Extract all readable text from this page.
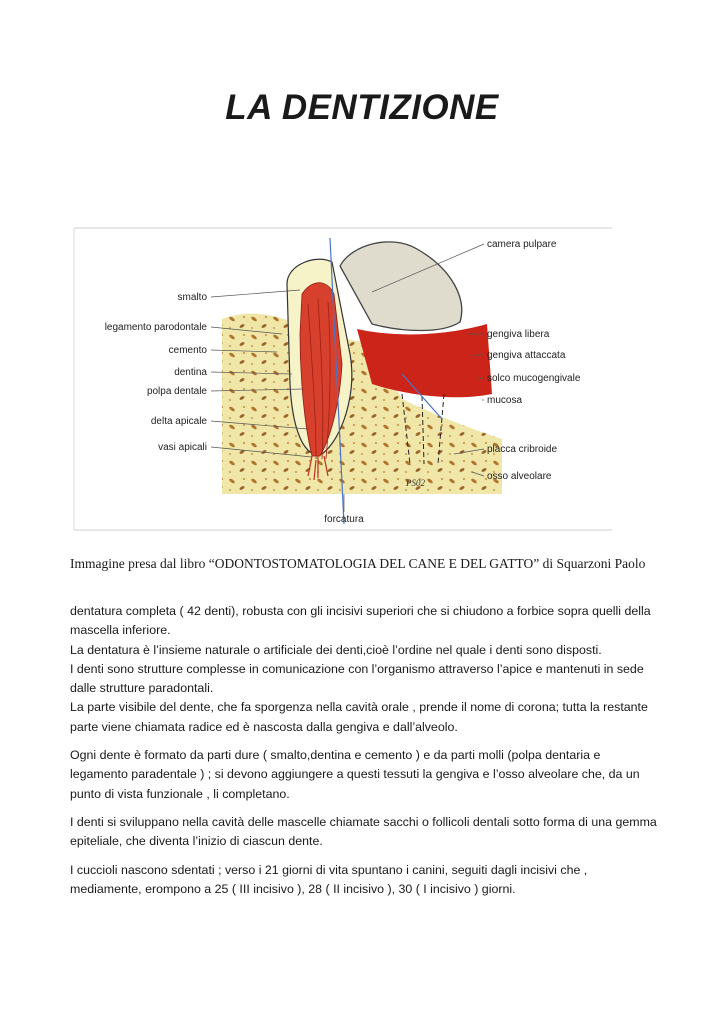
LA DENTIZIONE
smalto
legamento parodontale
cemento
dentina
polpa dentale
delta apicale
vasi apicali
camera pulpare
gengiva libera
gengiva attaccata
solco mucogengivale
mucosa
placca cribroide
osso alveolare
forcatura
PS02
Immagine presa dal libro “ODONTOSTOMATOLOGIA DEL CANE E DEL GATTO” di Squarzoni Paolo

dentatura completa ( 42 denti), robusta con gli incisivi superiori che si chiudono a forbice sopra quelli della
mascella inferiore.
La dentatura è l’insieme naturale o artificiale dei denti,cioè l’ordine nel quale i denti sono disposti.
I denti sono strutture complesse in comunicazione con l’organismo attraverso l’apice e mantenuti in sede
dalle strutture paradontali.
La parte visibile del dente, che fa sporgenza nella cavità orale , prende il nome di corona; tutta la restante
parte viene chiamata radice ed è nascosta dalla gengiva e dall’alveolo.

Ogni dente è formato da parti dure ( smalto,dentina e cemento ) e da parti molli (polpa dentaria e
legamento paradentale ) ; si devono aggiungere a questi tessuti la gengiva e l’osso alveolare che, da un
punto di vista funzionale , li completano.

I denti si sviluppano nella cavità delle mascelle chiamate sacchi o follicoli dentali sotto forma di una gemma
epiteliale, che diventa l’inizio di ciascun dente.

I cuccioli nascono sdentati ; verso i 21 giorni di vita spuntano i canini, seguiti dagli incisivi che ,
mediamente, erompono a 25 ( III incisivo ), 28 ( II incisivo ), 30 ( I incisivo ) giorni.
